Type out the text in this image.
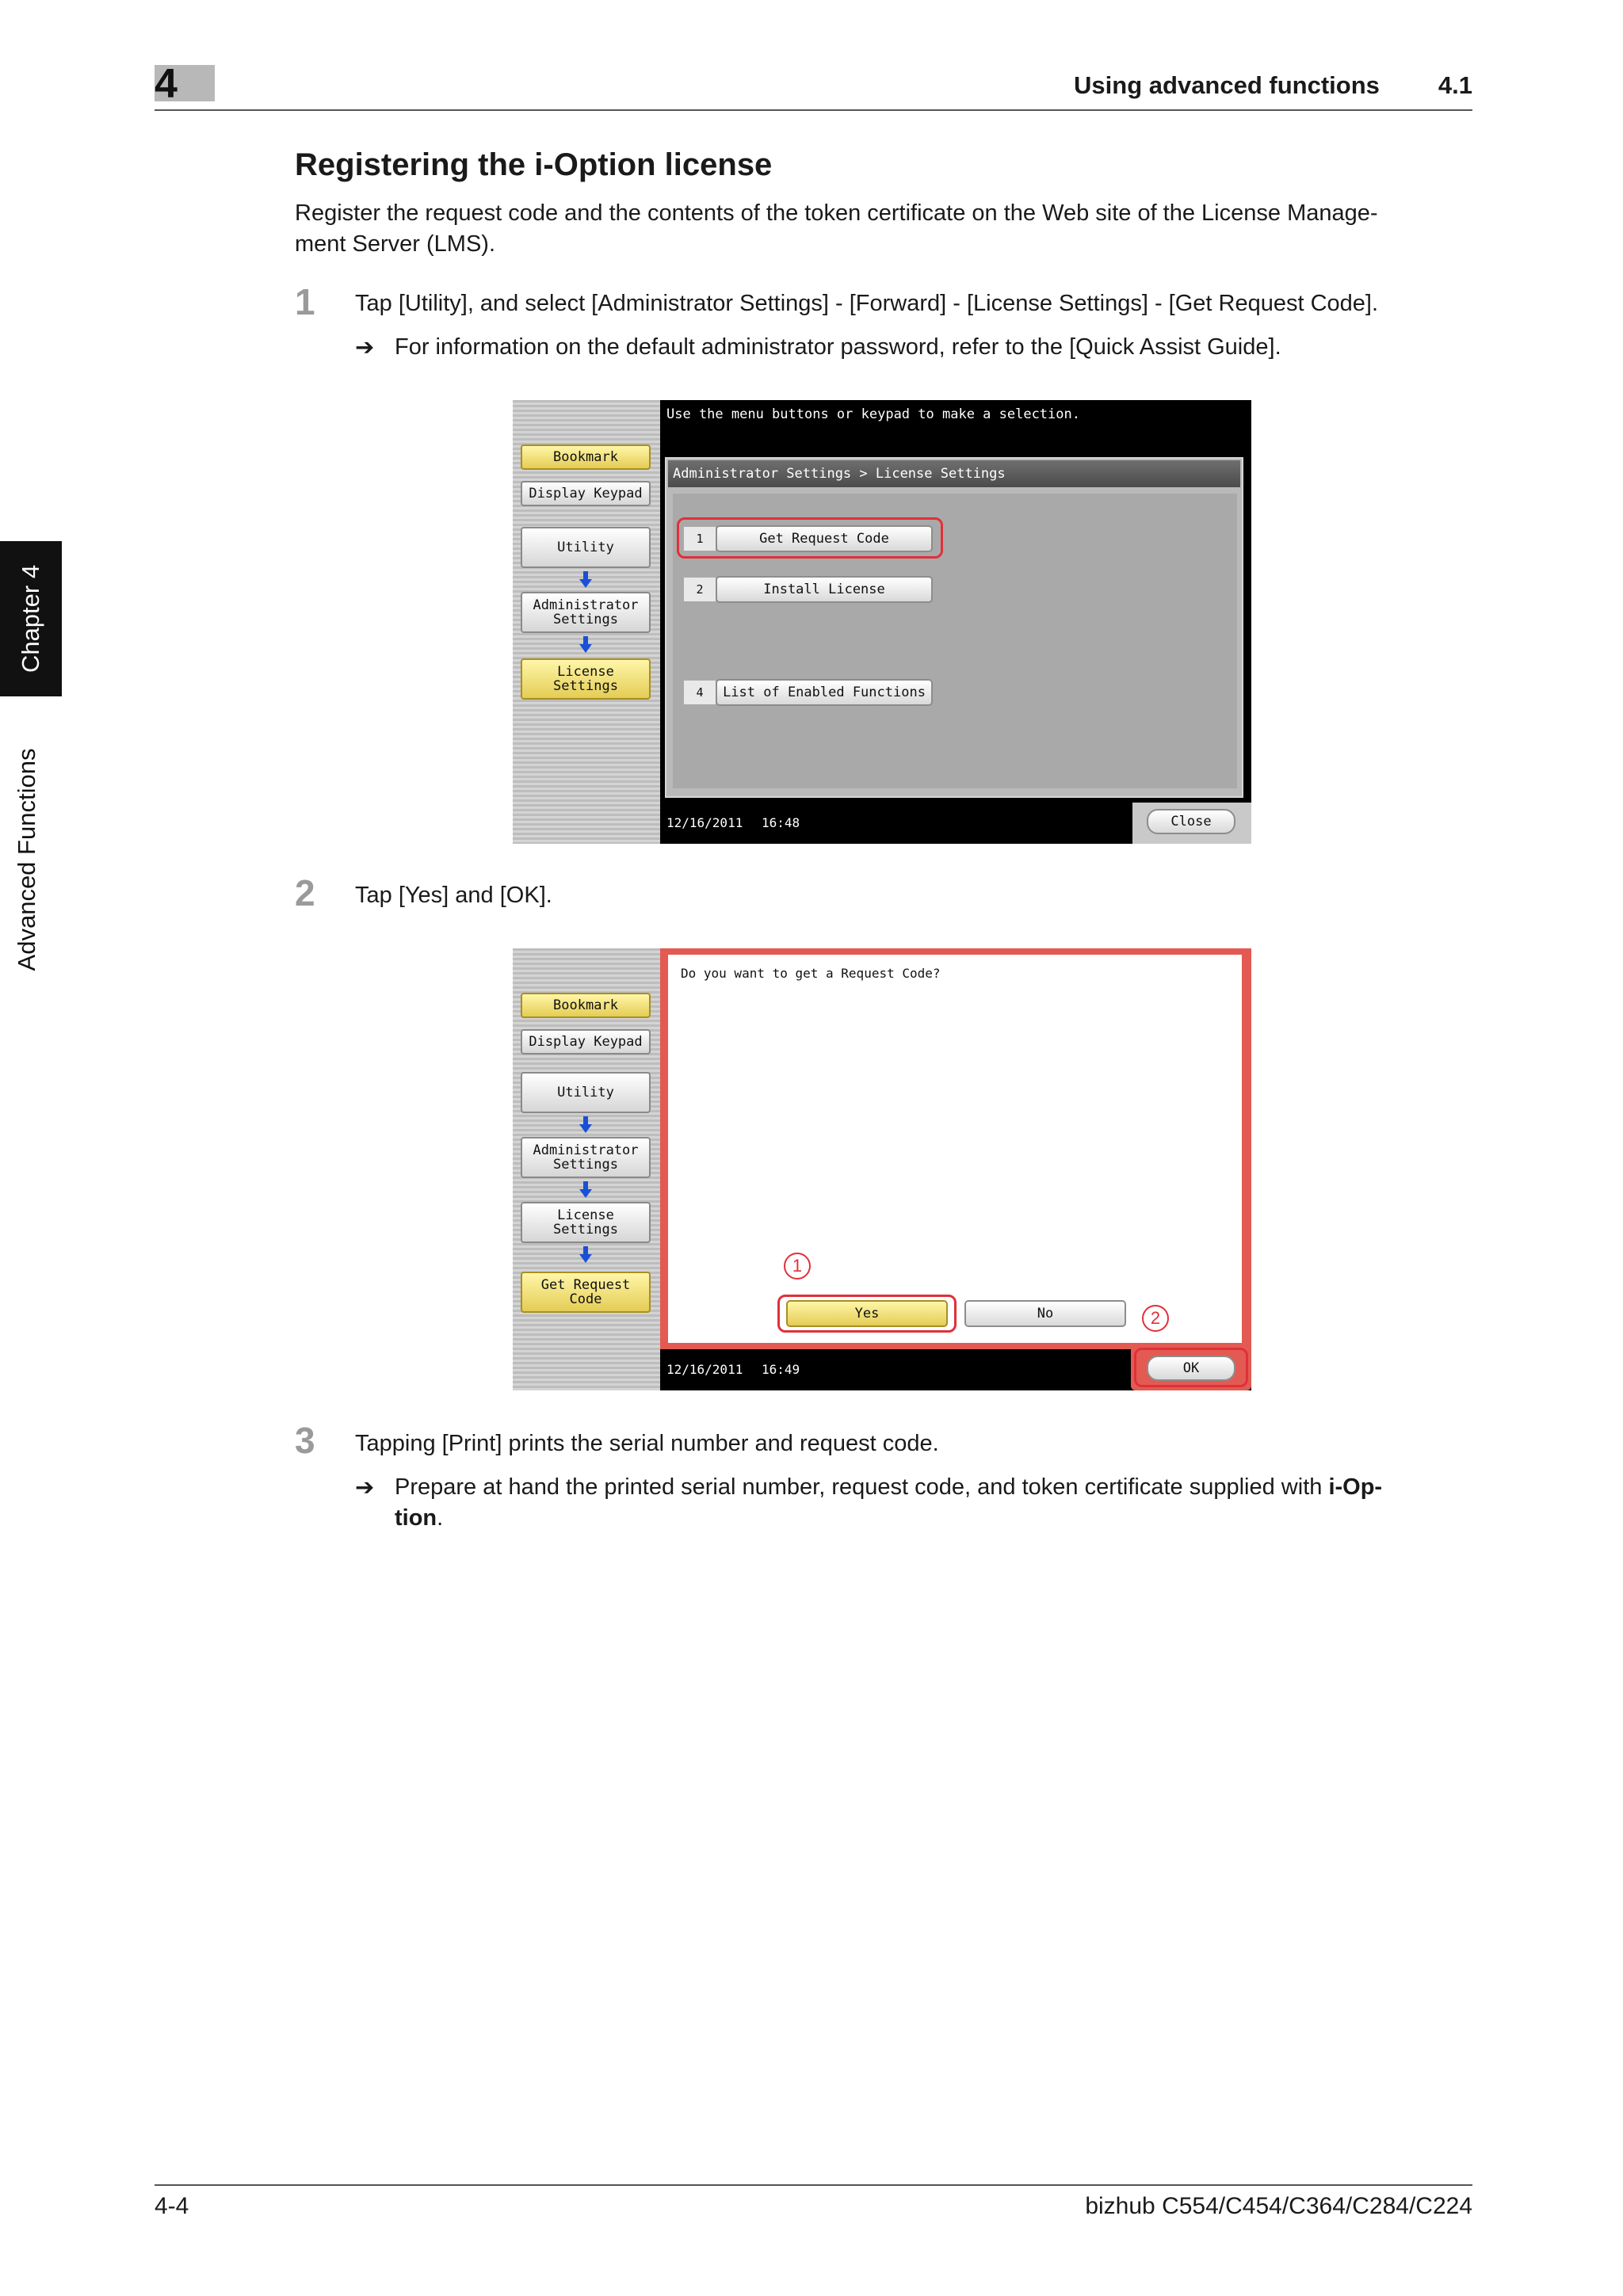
4	Using advanced functions 4.1
Chapter 4
Advanced Functions
Registering the i-Option license
Register the request code and the contents of the token certificate on the Web site of the License Manage-
ment Server (LMS).
1 Tap [Utility], and select [Administrator Settings] - [Forward] - [License Settings] - [Get Request Code].
➔ For information on the default administrator password, refer to the [Quick Assist Guide].
Bookmark
Display Keypad
Utility
Administrator
Settings
License
Settings
Use the menu buttons or keypad to make a selection.
Administrator Settings > License Settings
1	Get Request Code
2	Install License
4	List of Enabled Functions
12/16/2011 16:48	Close
2 Tap [Yes] and [OK].
Bookmark
Display Keypad
Utility
Administrator
Settings
License
Settings
Get Request Code
Do you want to get a Request Code?
1
Yes	No	2
12/16/2011 16:49	OK
3 Tapping [Print] prints the serial number and request code.
➔ Prepare at hand the printed serial number, request code, and token certificate supplied with i-Op-
tion.
4-4	bizhub C554/C454/C364/C284/C224
